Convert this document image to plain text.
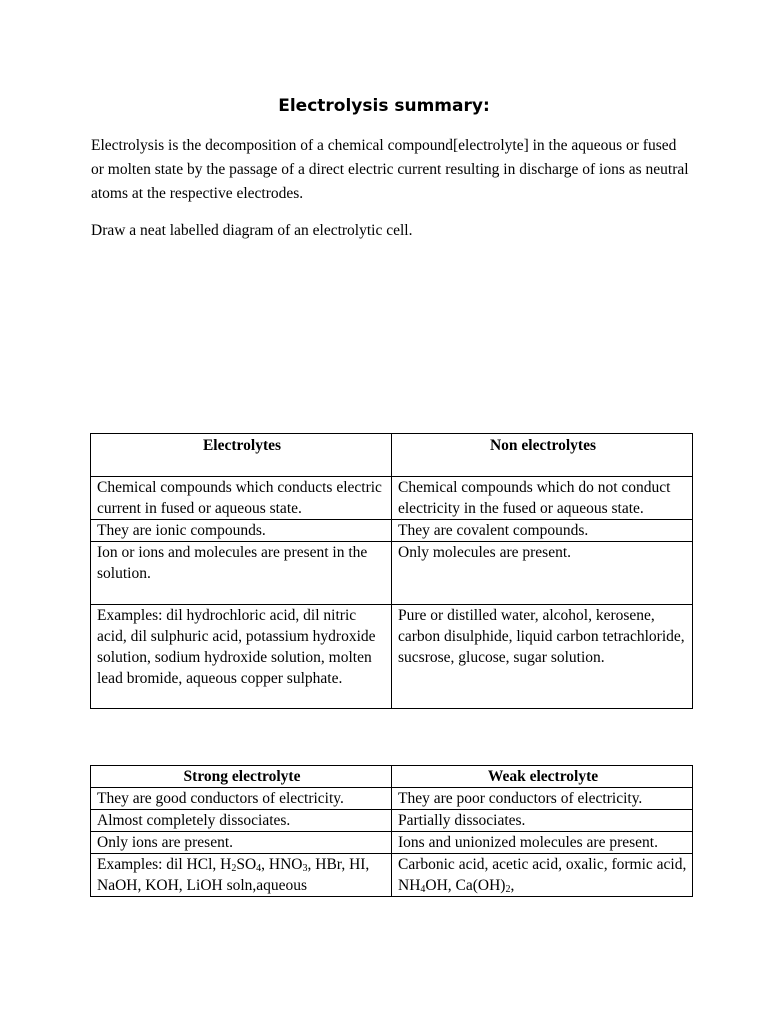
Electrolysis summary:

Electrolysis is the decomposition of a chemical compound[electrolyte] in the aqueous or fused or molten state by the passage of a direct electric current resulting in discharge of ions as neutral atoms at the respective electrodes.

Draw a neat labelled diagram of an electrolytic cell.

Electrolytes	Non electrolytes
Chemical compounds which conducts electric current in fused or aqueous state.	Chemical compounds which do not conduct electricity in the fused or aqueous state.
They are ionic compounds.	They are covalent compounds.
Ion or ions and molecules are present in the solution.	Only molecules are present.
Examples: dil hydrochloric acid, dil nitric acid, dil sulphuric acid, potassium hydroxide solution, sodium hydroxide solution, molten lead bromide, aqueous copper sulphate.	Pure or distilled water, alcohol, kerosene, carbon disulphide, liquid carbon tetrachloride, sucsrose, glucose, sugar solution.
Strong electrolyte	Weak electrolyte
They are good conductors of electricity.	They are poor conductors of electricity.
Almost completely dissociates.	Partially dissociates.
Only ions are present.	Ions and unionized molecules are present.

Examples: dil HCl, $H_2SO_4$, $HNO_3$, HBr, HI, NaOH, KOH, LiOH soln,aqueous	Carbonic acid, acetic acid, oxalic, formic acid, $NH_4OH$, $Ca(OH)_2$,
